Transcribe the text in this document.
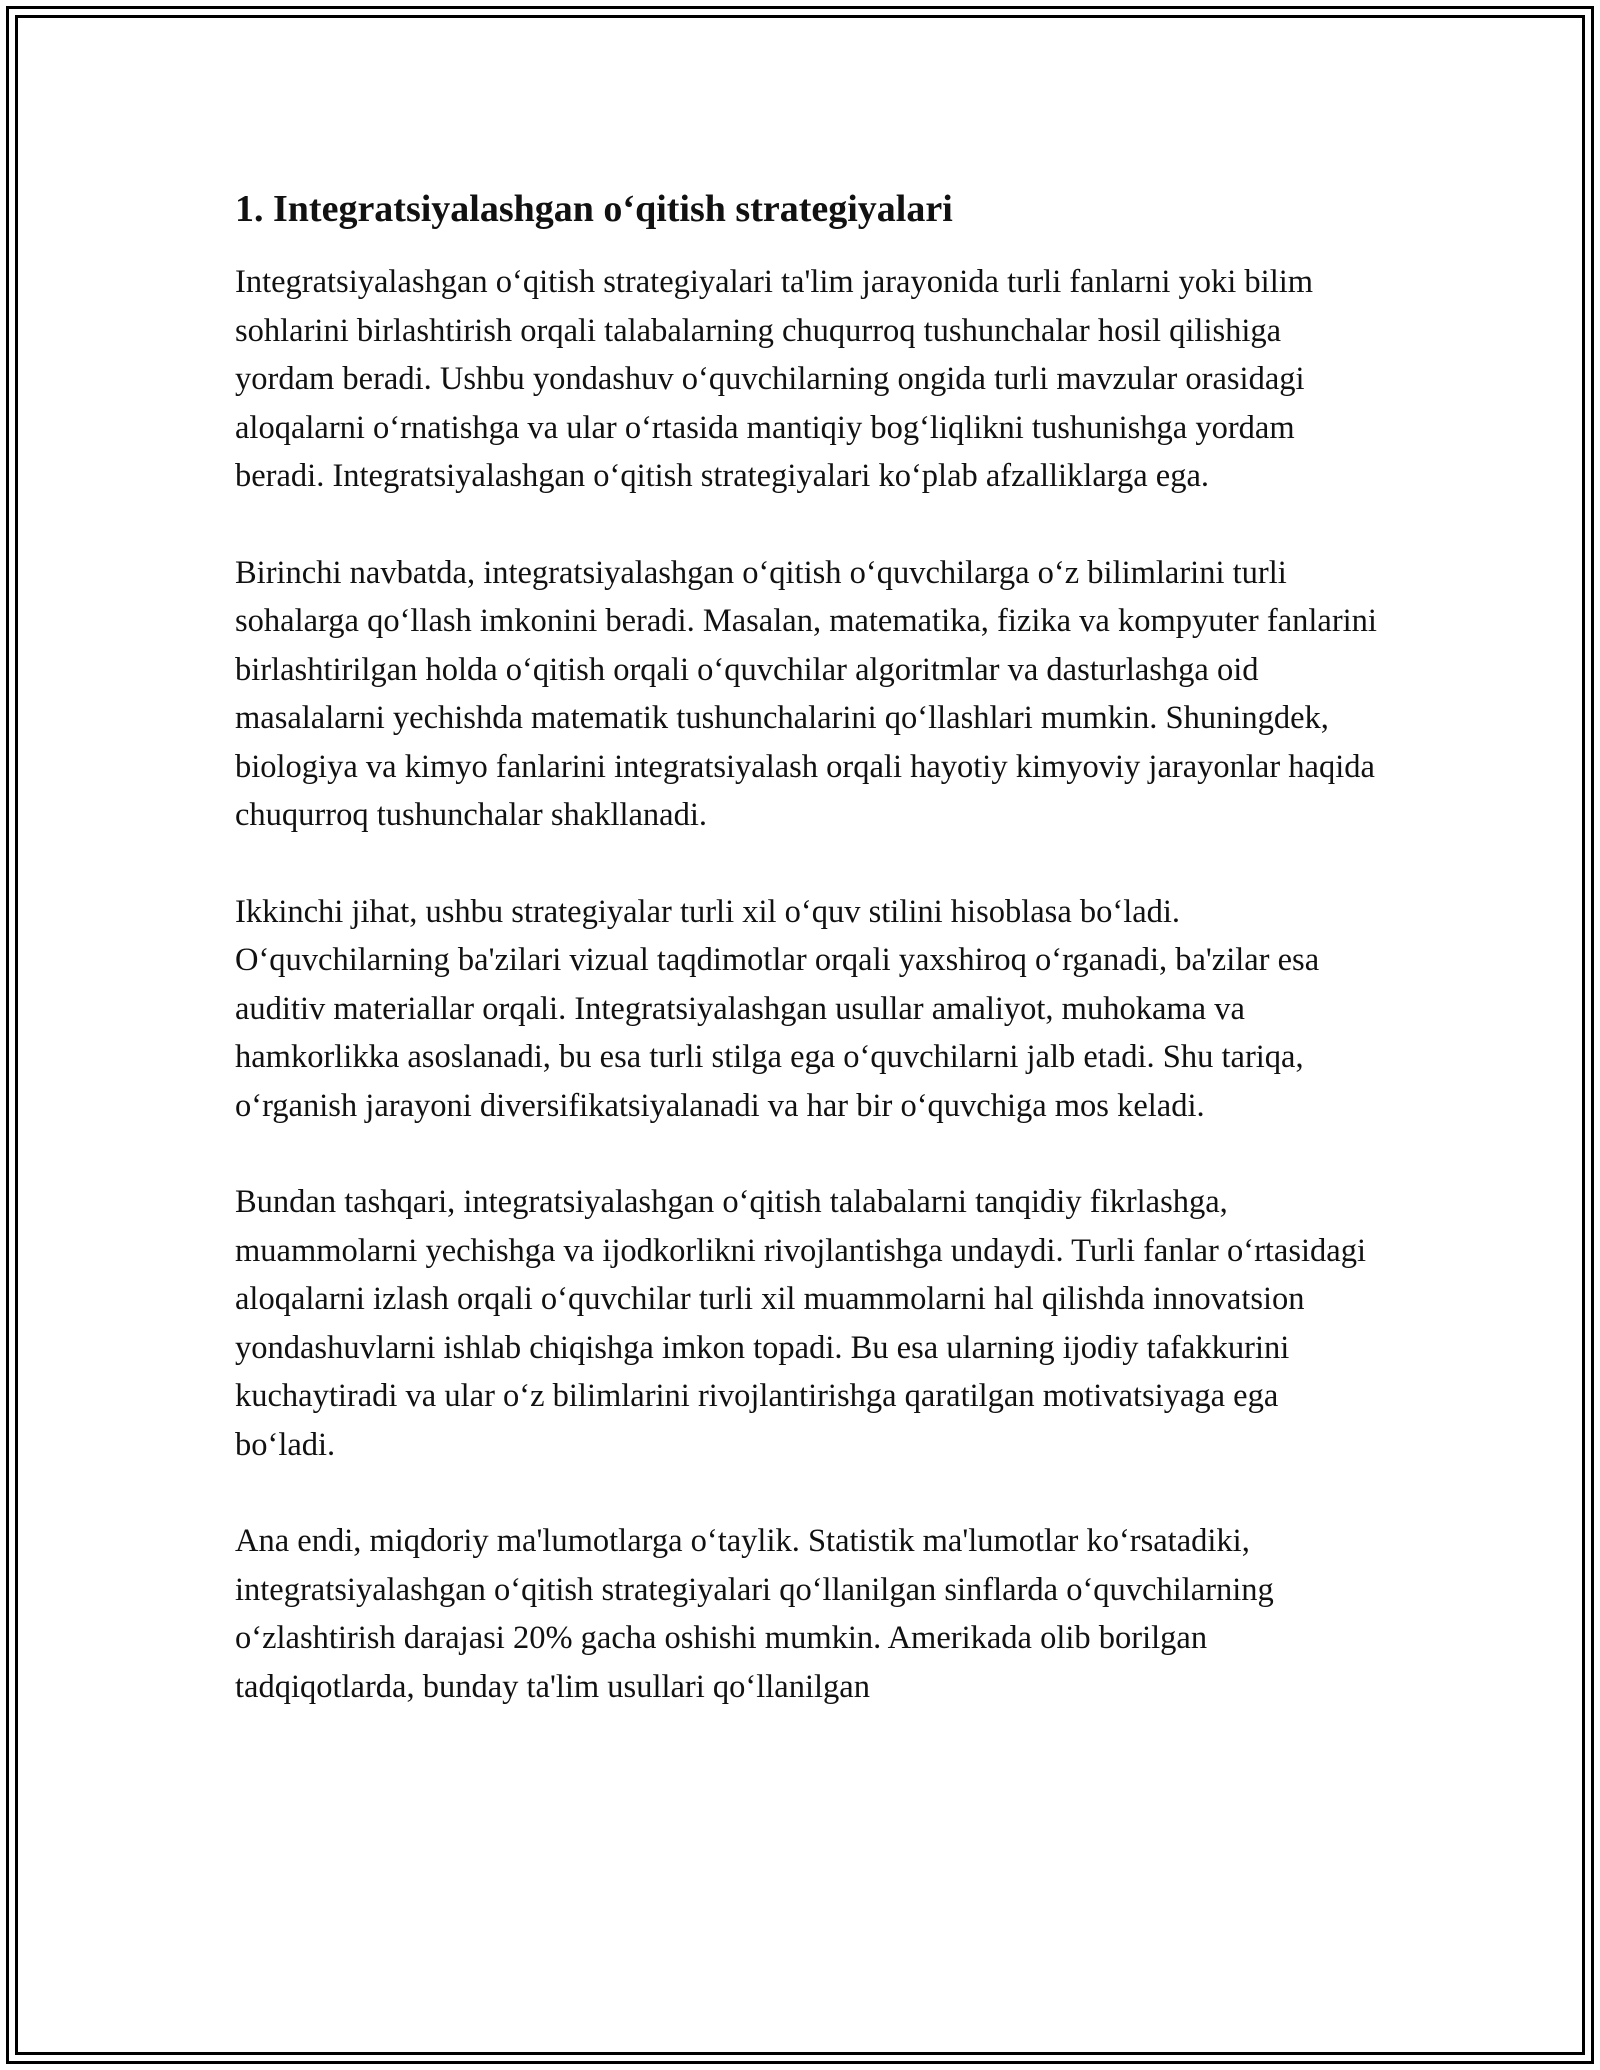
1. Integratsiyalashgan o‘qitish strategiyalari

Integratsiyalashgan o‘qitish strategiyalari ta'lim jarayonida turli fanlarni yoki bilim sohlarini birlashtirish orqali talabalarning chuqurroq tushunchalar hosil qilishiga yordam beradi. Ushbu yondashuv o‘quvchilarning ongida turli mavzular orasidagi aloqalarni o‘rnatishga va ular o‘rtasida mantiqiy bog‘liqlikni tushunishga yordam beradi. Integratsiyalashgan o‘qitish strategiyalari ko‘plab afzalliklarga ega.

Birinchi navbatda, integratsiyalashgan o‘qitish o‘quvchilarga o‘z bilimlarini turli sohalarga qo‘llash imkonini beradi. Masalan, matematika, fizika va kompyuter fanlarini birlashtirilgan holda o‘qitish orqali o‘quvchilar algoritmlar va dasturlashga oid masalalarni yechishda matematik tushunchalarini qo‘llashlari mumkin. Shuningdek, biologiya va kimyo fanlarini integratsiyalash orqali hayotiy kimyoviy jarayonlar haqida chuqurroq tushunchalar shakllanadi.

Ikkinchi jihat, ushbu strategiyalar turli xil o‘quv stilini hisoblasa bo‘ladi. O‘quvchilarning ba'zilari vizual taqdimotlar orqali yaxshiroq o‘rganadi, ba'zilar esa auditiv materiallar orqali. Integratsiyalashgan usullar amaliyot, muhokama va hamkorlikka asoslanadi, bu esa turli stilga ega o‘quvchilarni jalb etadi. Shu tariqa, o‘rganish jarayoni diversifikatsiyalanadi va har bir o‘quvchiga mos keladi.

Bundan tashqari, integratsiyalashgan o‘qitish talabalarni tanqidiy fikrlashga, muammolarni yechishga va ijodkorlikni rivojlantishga undaydi. Turli fanlar o‘rtasidagi aloqalarni izlash orqali o‘quvchilar turli xil muammolarni hal qilishda innovatsion yondashuvlarni ishlab chiqishga imkon topadi. Bu esa ularning ijodiy tafakkurini kuchaytiradi va ular o‘z bilimlarini rivojlantirishga qaratilgan motivatsiyaga ega bo‘ladi.

Ana endi, miqdoriy ma'lumotlarga o‘taylik. Statistik ma'lumotlar ko‘rsatadiki, integratsiyalashgan o‘qitish strategiyalari qo‘llanilgan sinflarda o‘quvchilarning o‘zlashtirish darajasi 20% gacha oshishi mumkin. Amerikada olib borilgan tadqiqotlarda, bunday ta'lim usullari qo‘llanilgan
